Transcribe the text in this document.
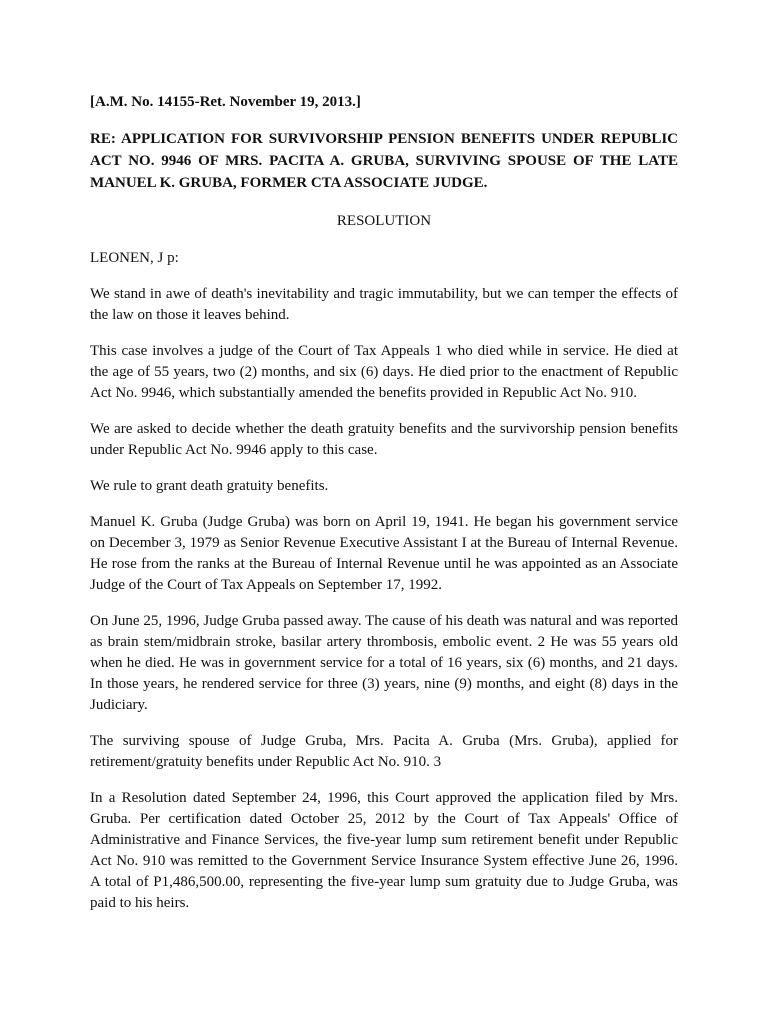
[A.M. No. 14155-Ret. November 19, 2013.]

RE: APPLICATION FOR SURVIVORSHIP PENSION BENEFITS UNDER REPUBLIC ACT NO. 9946 OF MRS. PACITA A. GRUBA, SURVIVING SPOUSE OF THE LATE MANUEL K. GRUBA, FORMER CTA ASSOCIATE JUDGE.

RESOLUTION

LEONEN, J p:

We stand in awe of death's inevitability and tragic immutability, but we can temper the effects of the law on those it leaves behind.

This case involves a judge of the Court of Tax Appeals 1 who died while in service. He died at the age of 55 years, two (2) months, and six (6) days. He died prior to the enactment of Republic Act No. 9946, which substantially amended the benefits provided in Republic Act No. 910.

We are asked to decide whether the death gratuity benefits and the survivorship pension benefits under Republic Act No. 9946 apply to this case.

We rule to grant death gratuity benefits.

Manuel K. Gruba (Judge Gruba) was born on April 19, 1941. He began his government service on December 3, 1979 as Senior Revenue Executive Assistant I at the Bureau of Internal Revenue. He rose from the ranks at the Bureau of Internal Revenue until he was appointed as an Associate Judge of the Court of Tax Appeals on September 17, 1992.

On June 25, 1996, Judge Gruba passed away. The cause of his death was natural and was reported as brain stem/midbrain stroke, basilar artery thrombosis, embolic event. 2 He was 55 years old when he died. He was in government service for a total of 16 years, six (6) months, and 21 days. In those years, he rendered service for three (3) years, nine (9) months, and eight (8) days in the Judiciary.

The surviving spouse of Judge Gruba, Mrs. Pacita A. Gruba (Mrs. Gruba), applied for retirement/gratuity benefits under Republic Act No. 910. 3

In a Resolution dated September 24, 1996, this Court approved the application filed by Mrs. Gruba. Per certification dated October 25, 2012 by the Court of Tax Appeals' Office of Administrative and Finance Services, the five-year lump sum retirement benefit under Republic Act No. 910 was remitted to the Government Service Insurance System effective June 26, 1996. A total of P1,486,500.00, representing the five-year lump sum gratuity due to Judge Gruba, was paid to his heirs.
